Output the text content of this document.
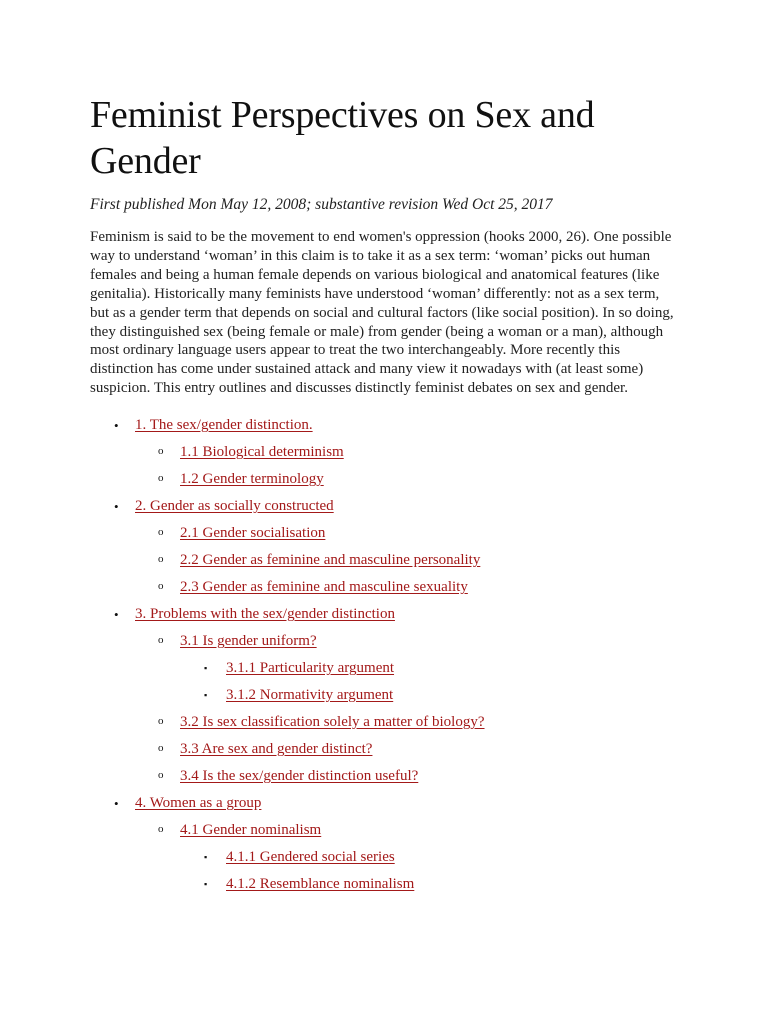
Feminist Perspectives on Sex and Gender

First published Mon May 12, 2008; substantive revision Wed Oct 25, 2017

Feminism is said to be the movement to end women's oppression (hooks 2000, 26). One possible way to understand ‘woman’ in this claim is to take it as a sex term: ‘woman’ picks out human females and being a human female depends on various biological and anatomical features (like genitalia). Historically many feminists have understood ‘woman’ differently: not as a sex term, but as a gender term that depends on social and cultural factors (like social position). In so doing, they distinguished sex (being female or male) from gender (being a woman or a man), although most ordinary language users appear to treat the two interchangeably. More recently this distinction has come under sustained attack and many view it nowadays with (at least some) suspicion. This entry outlines and discusses distinctly feminist debates on sex and gender.

• 1. The sex/gender distinction.
o 1.1 Biological determinism
o 1.2 Gender terminology
• 2. Gender as socially constructed
o 2.1 Gender socialisation
o 2.2 Gender as feminine and masculine personality
o 2.3 Gender as feminine and masculine sexuality
• 3. Problems with the sex/gender distinction
o 3.1 Is gender uniform?
▪ 3.1.1 Particularity argument
▪ 3.1.2 Normativity argument
o 3.2 Is sex classification solely a matter of biology?
o 3.3 Are sex and gender distinct?
o 3.4 Is the sex/gender distinction useful?
• 4. Women as a group
o 4.1 Gender nominalism
▪ 4.1.1 Gendered social series
▪ 4.1.2 Resemblance nominalism
